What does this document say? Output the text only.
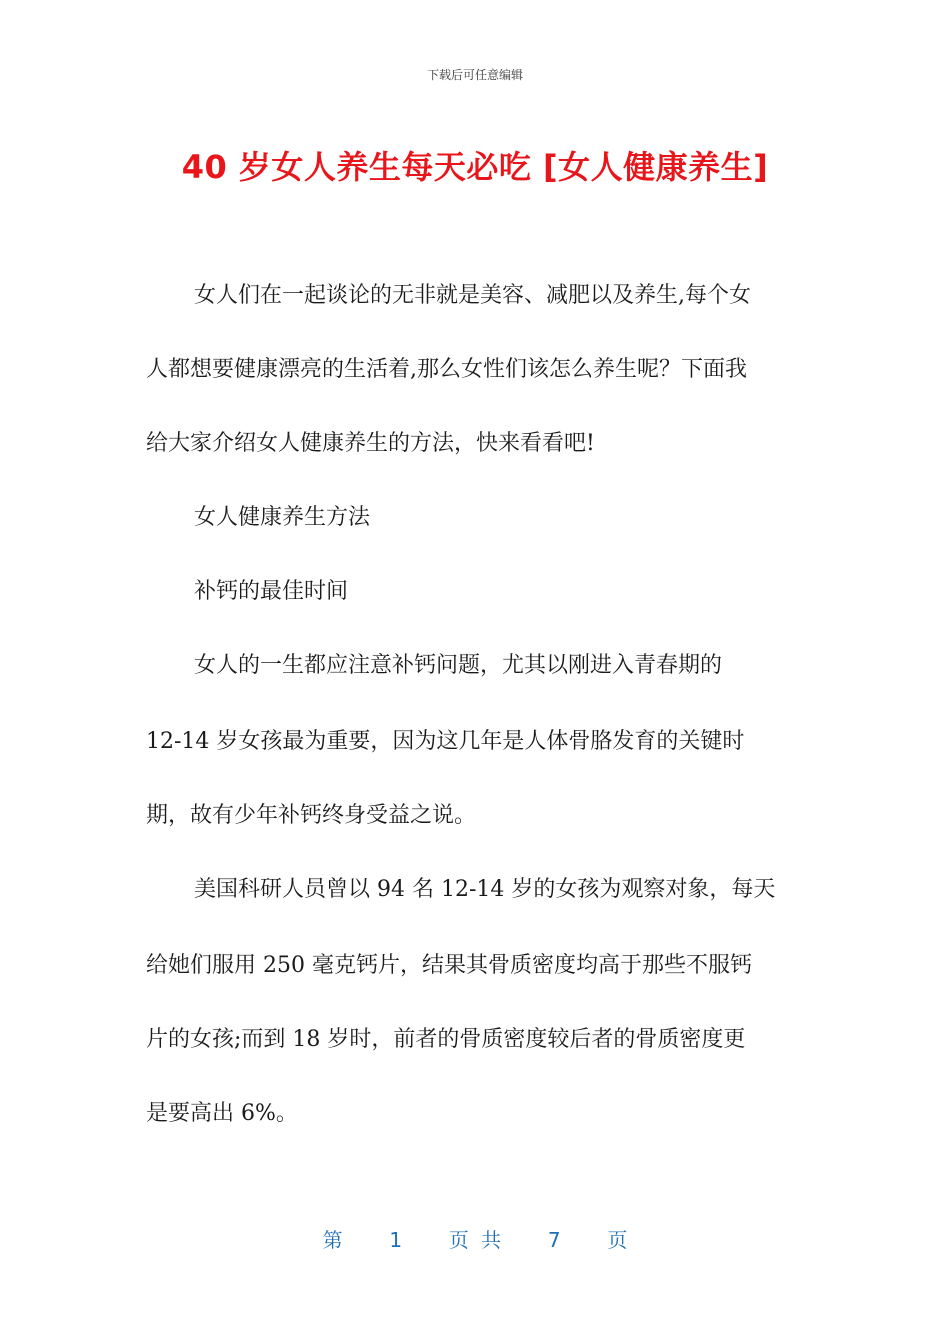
下载后可任意编辑
40 岁女人养生每天必吃 [女人健康养生]
女人们在一起谈论的无非就是美容、减肥以及养生,每个女
人都想要健康漂亮的生活着,那么女性们该怎么养生呢？下面我
给大家介绍女人健康养生的方法，快来看看吧!
女人健康养生方法
补钙的最佳时间
女人的一生都应注意补钙问题，尤其以刚进入青春期的
12-14 岁女孩最为重要，因为这几年是人体骨胳发育的关键时
期，故有少年补钙终身受益之说。
美国科研人员曾以 94 名 12-14 岁的女孩为观察对象，每天
给她们服用 250 毫克钙片，结果其骨质密度均高于那些不服钙
片的女孩;而到 18 岁时，前者的骨质密度较后者的骨质密度更
是要高出 6%。
第 1 页 共 7 页
